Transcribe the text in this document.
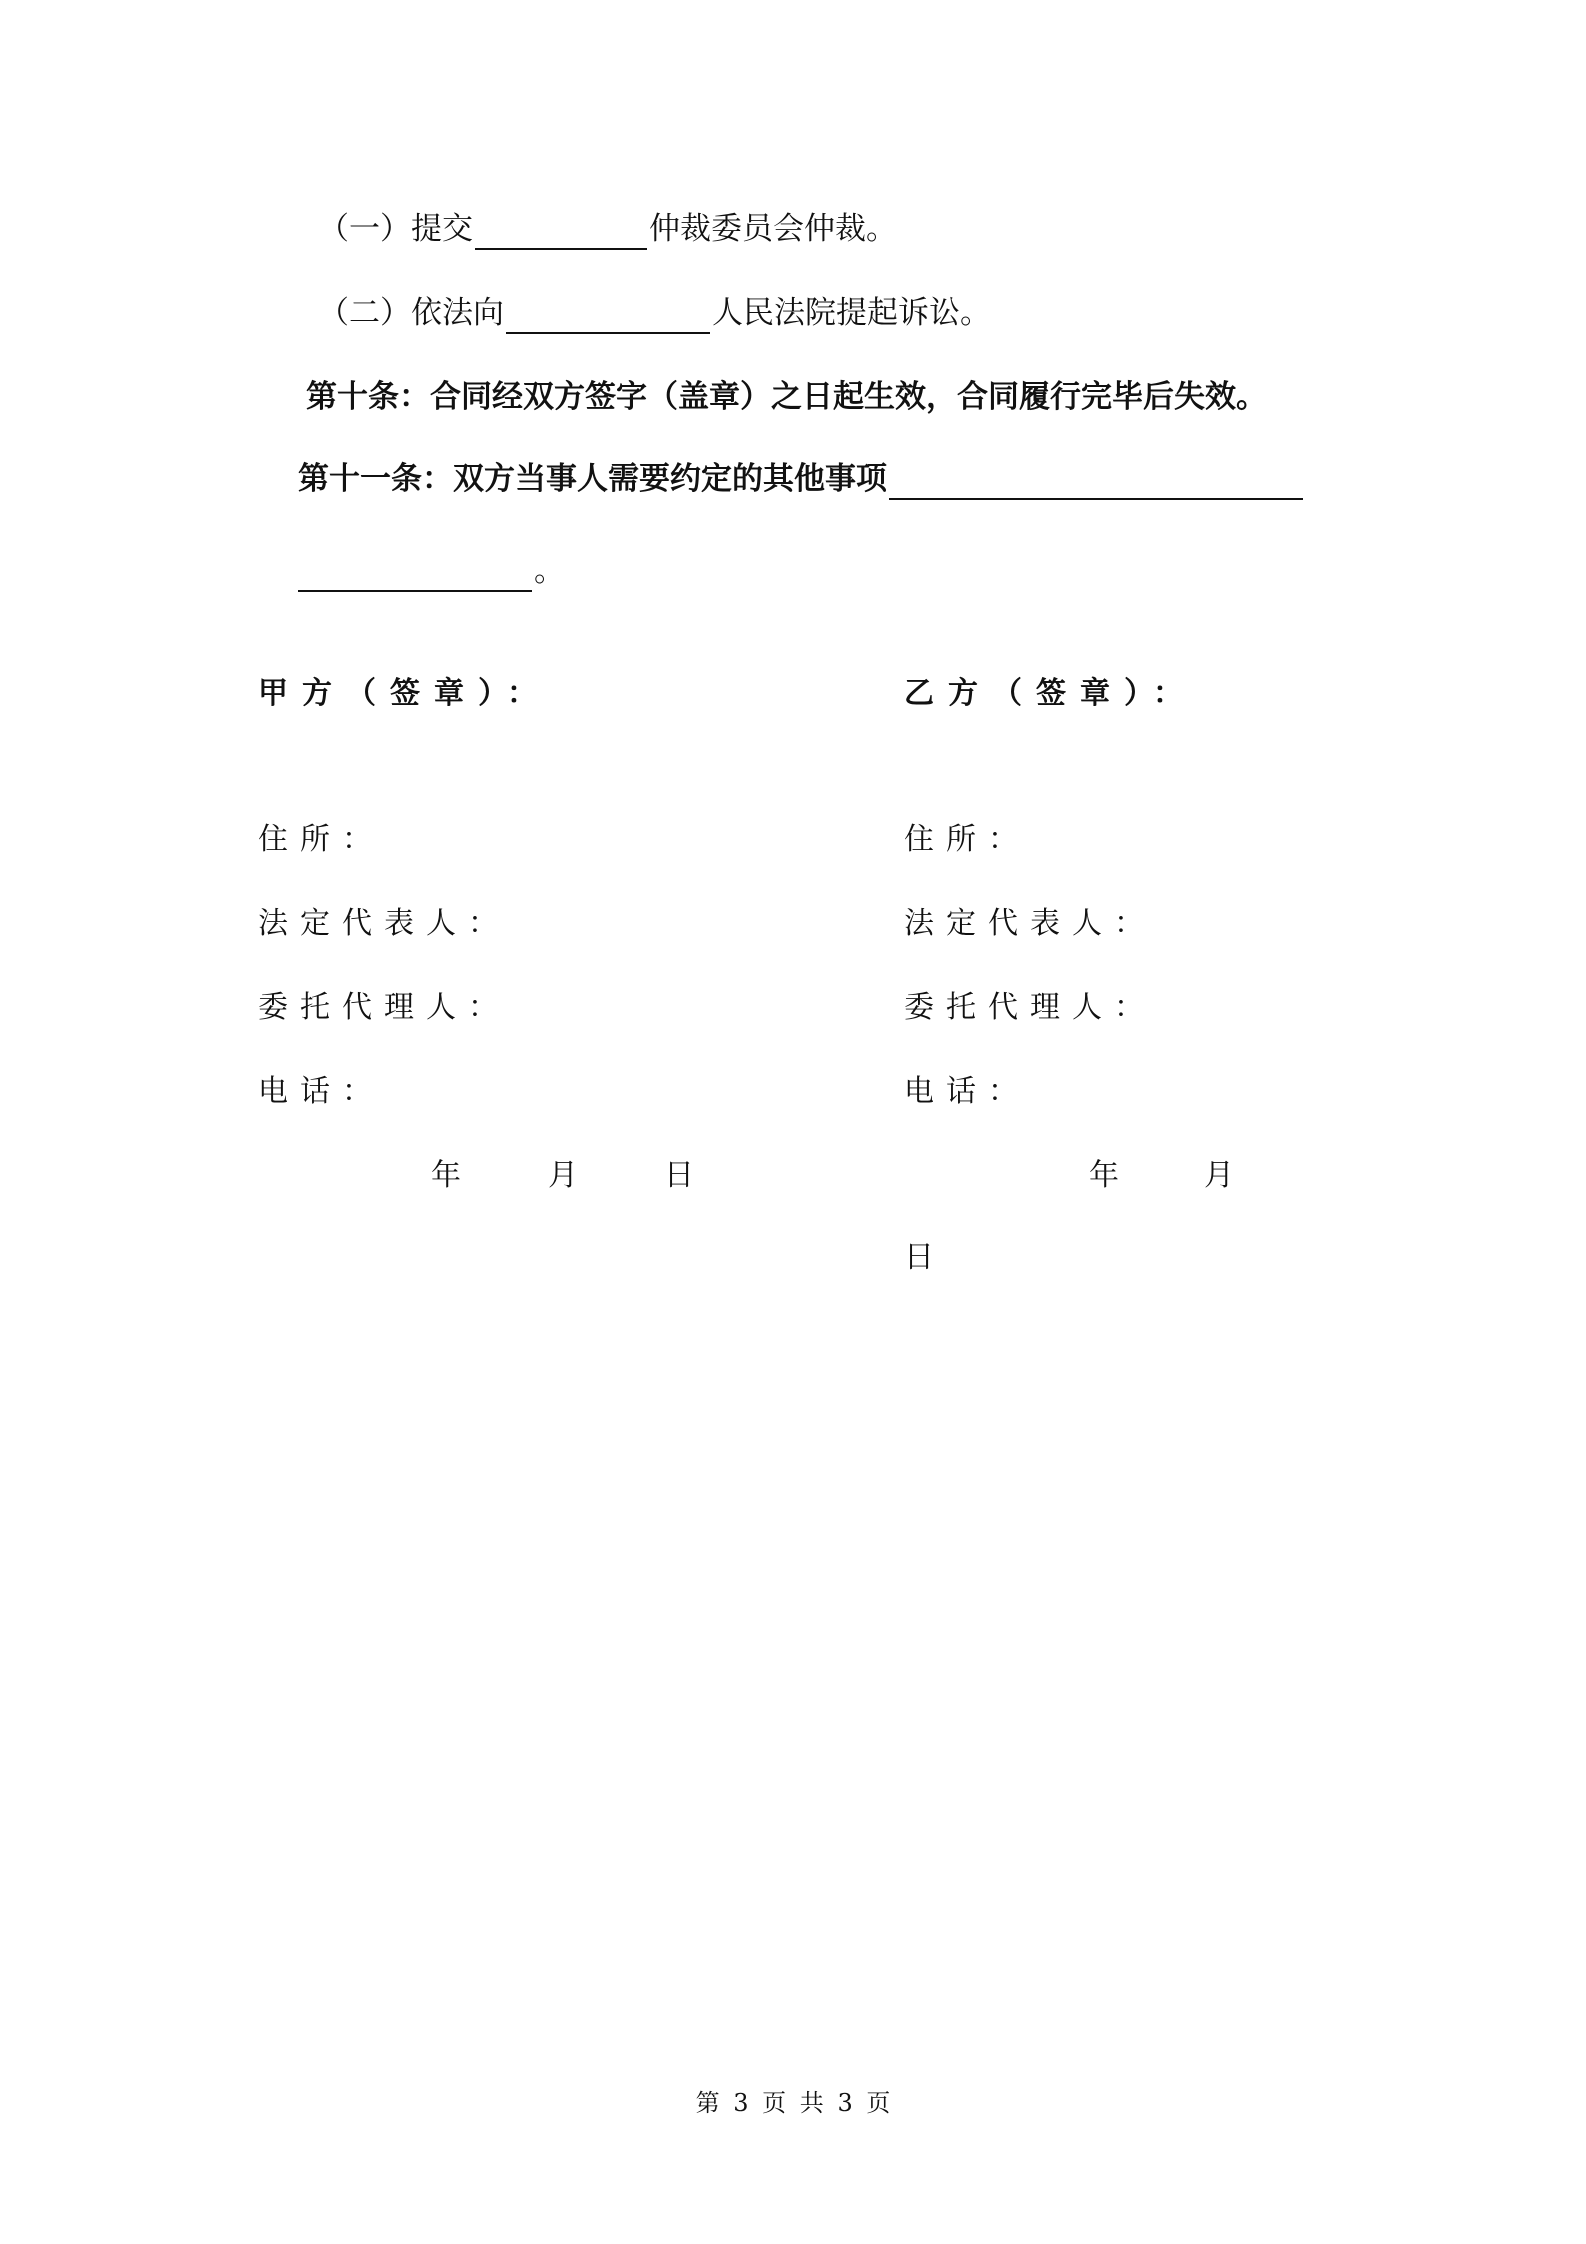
（一）提交	仲裁委员会仲裁。
（二）依法向	人民法院提起诉讼。
第十条：合同经双方签字（盖章）之日起生效，合同履行完毕后失效。
第十一条：双方当事人需要约定的其他事项
。
甲方（签章）：
住所：
法定代表人：
委托代理人：
电话：
年	月	日
乙方（签章）：
住所：
法定代表人：
委托代理人：
电话：
年	月
日
第 3 页 共 3 页
